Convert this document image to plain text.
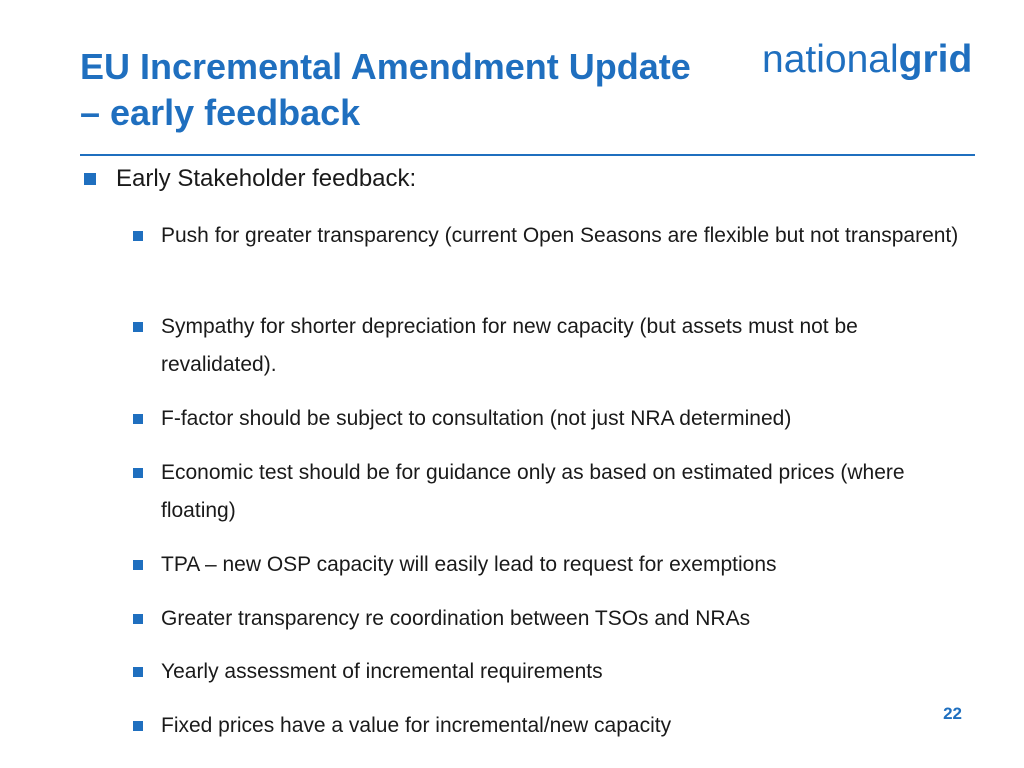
EU Incremental Amendment Update
– early feedback
nationalgrid
Early Stakeholder feedback:
Push for greater transparency (current Open Seasons are flexible but not transparent)
Sympathy for shorter depreciation for new capacity (but assets must not be revalidated).
F-factor should be subject to consultation (not just NRA determined)
Economic test should be for guidance only as based on estimated prices (where floating)
TPA – new OSP capacity will easily lead to request for exemptions
Greater transparency re coordination between TSOs and NRAs
Yearly assessment of incremental requirements
Fixed prices have a value for incremental/new capacity
22
